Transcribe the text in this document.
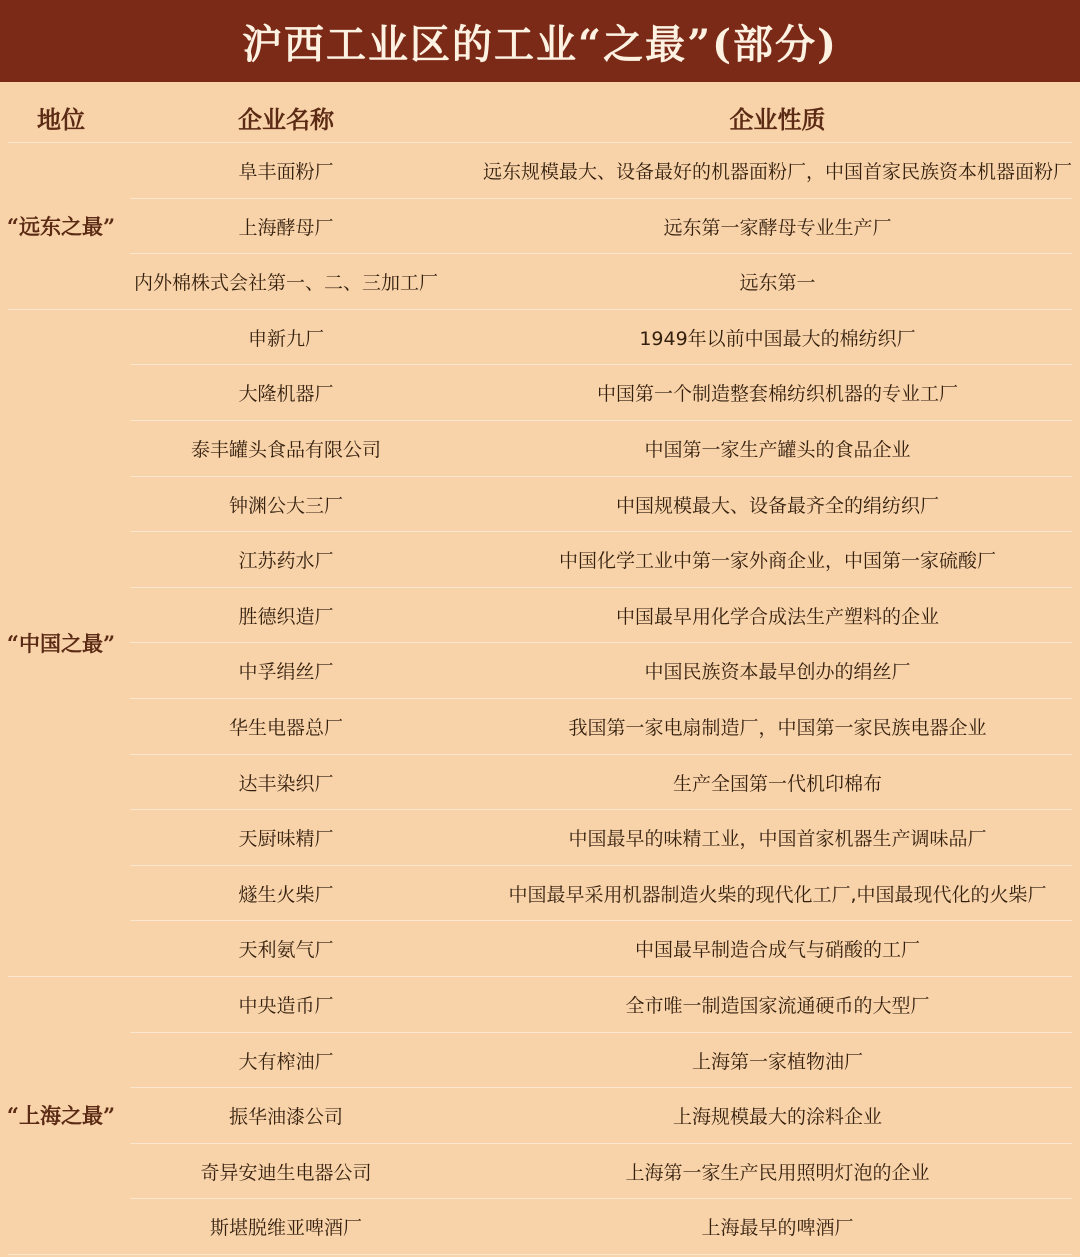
沪西工业区的工业“之最”(部分)
地位	企业名称	企业性质
阜丰面粉厂	远东规模最大、设备最好的机器面粉厂，中国首家民族资本机器面粉厂
上海酵母厂	远东第一家酵母专业生产厂
内外棉株式会社第一、二、三加工厂	远东第一
“远东之最”
申新九厂	1949年以前中国最大的棉纺织厂
大隆机器厂	中国第一个制造整套棉纺织机器的专业工厂
泰丰罐头食品有限公司	中国第一家生产罐头的食品企业
钟渊公大三厂	中国规模最大、设备最齐全的绢纺织厂
江苏药水厂	中国化学工业中第一家外商企业，中国第一家硫酸厂
胜德织造厂	中国最早用化学合成法生产塑料的企业
中孚绢丝厂	中国民族资本最早创办的绢丝厂
华生电器总厂	我国第一家电扇制造厂，中国第一家民族电器企业
达丰染织厂	生产全国第一代机印棉布
天厨味精厂	中国最早的味精工业，中国首家机器生产调味品厂
燧生火柴厂	中国最早采用机器制造火柴的现代化工厂,中国最现代化的火柴厂
天利氨气厂	中国最早制造合成气与硝酸的工厂
“中国之最”
中央造币厂	全市唯一制造国家流通硬币的大型厂
大有榨油厂	上海第一家植物油厂
振华油漆公司	上海规模最大的涂料企业
奇异安迪生电器公司	上海第一家生产民用照明灯泡的企业
斯堪脱维亚啤酒厂	上海最早的啤酒厂
“上海之最”
